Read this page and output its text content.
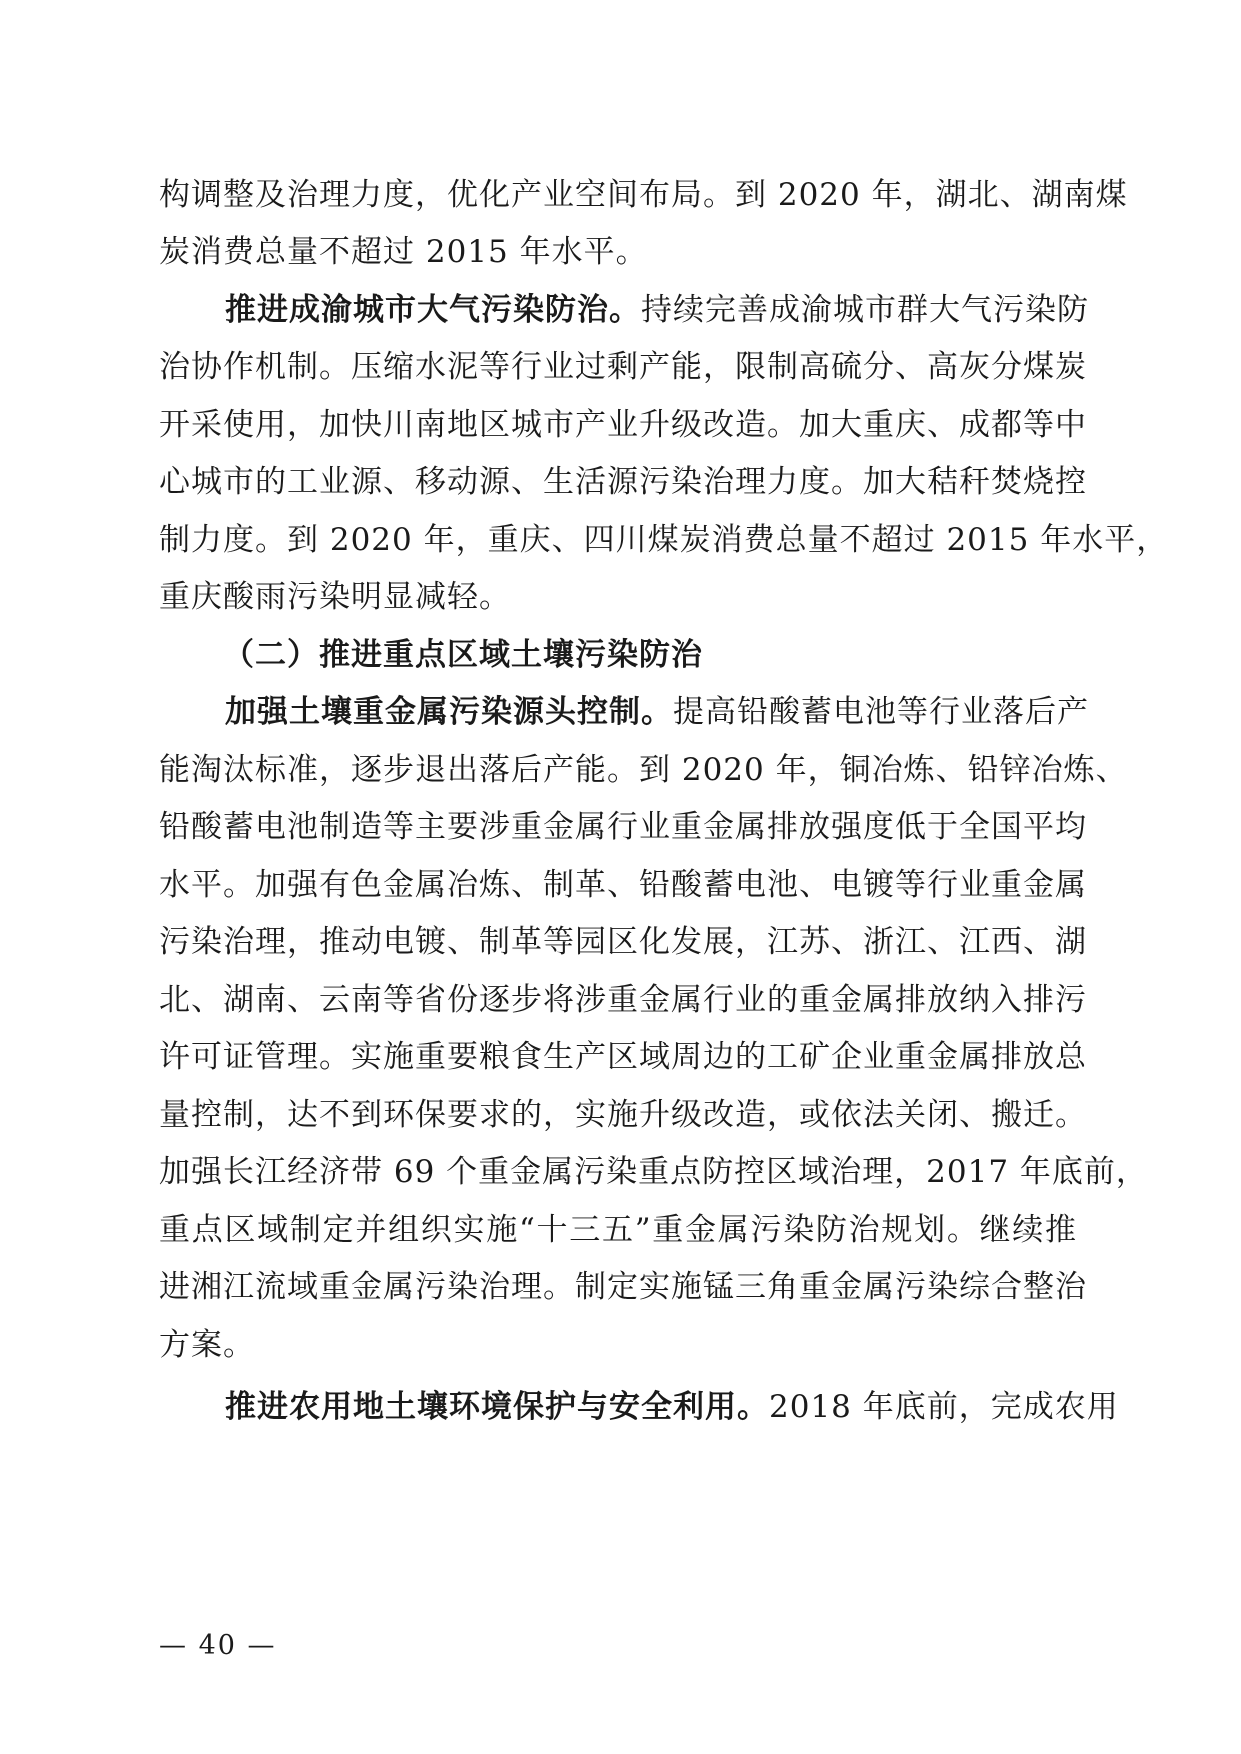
构调整及治理力度，优化产业空间布局。到 2020 年，湖北、湖南煤
炭消费总量不超过 2015 年水平。
推进成渝城市大气污染防治。持续完善成渝城市群大气污染防
治协作机制。压缩水泥等行业过剩产能，限制高硫分、高灰分煤炭
开采使用，加快川南地区城市产业升级改造。加大重庆、成都等中
心城市的工业源、移动源、生活源污染治理力度。加大秸秆焚烧控
制力度。到 2020 年，重庆、四川煤炭消费总量不超过 2015 年水平，
重庆酸雨污染明显减轻。
（二）推进重点区域土壤污染防治
加强土壤重金属污染源头控制。提高铅酸蓄电池等行业落后产
能淘汰标准，逐步退出落后产能。到 2020 年，铜冶炼、铅锌冶炼、
铅酸蓄电池制造等主要涉重金属行业重金属排放强度低于全国平均
水平。加强有色金属冶炼、制革、铅酸蓄电池、电镀等行业重金属
污染治理，推动电镀、制革等园区化发展，江苏、浙江、江西、湖
北、湖南、云南等省份逐步将涉重金属行业的重金属排放纳入排污
许可证管理。实施重要粮食生产区域周边的工矿企业重金属排放总
量控制，达不到环保要求的，实施升级改造，或依法关闭、搬迁。
加强长江经济带 69 个重金属污染重点防控区域治理，2017 年底前，
重点区域制定并组织实施“十三五”重金属污染防治规划。继续推
进湘江流域重金属污染治理。制定实施锰三角重金属污染综合整治
方案。
推进农用地土壤环境保护与安全利用。2018 年底前，完成农用
— 40 —
